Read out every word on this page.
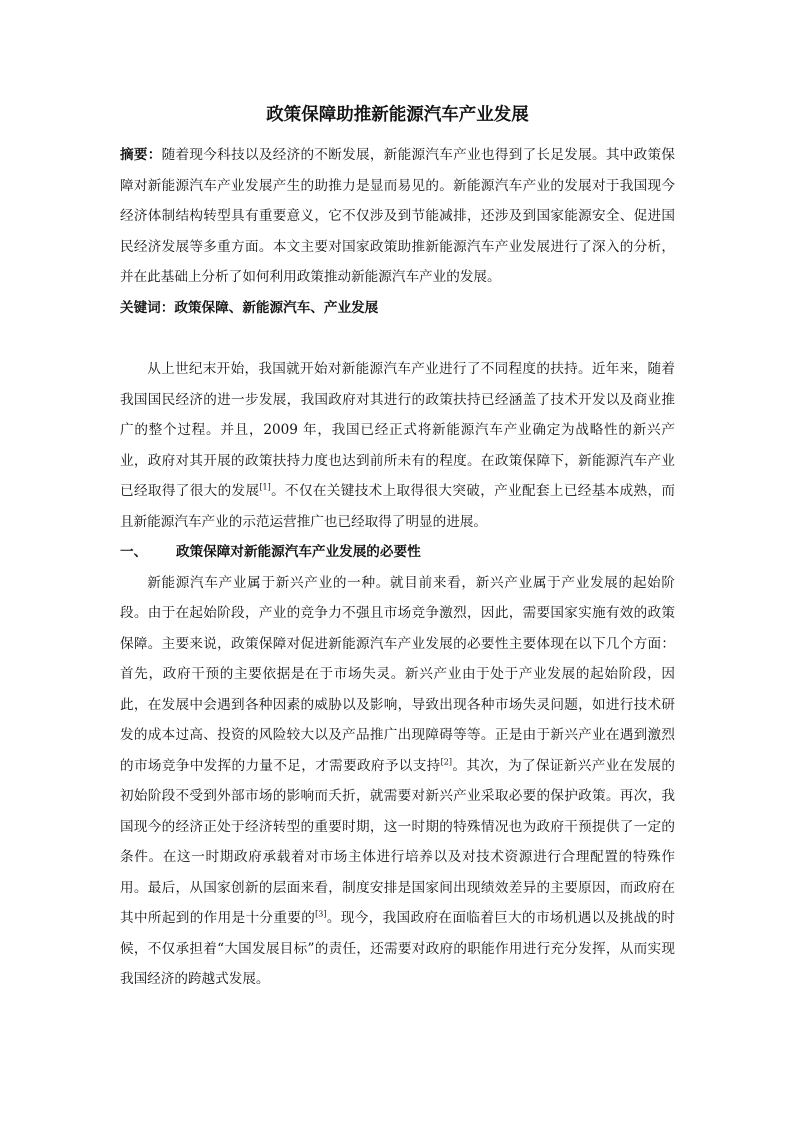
政策保障助推新能源汽车产业发展

摘要：随着现今科技以及经济的不断发展，新能源汽车产业也得到了长足发展。其中政策保障对新能源汽车产业发展产生的助推力是显而易见的。新能源汽车产业的发展对于我国现今经济体制结构转型具有重要意义，它不仅涉及到节能减排，还涉及到国家能源安全、促进国民经济发展等多重方面。本文主要对国家政策助推新能源汽车产业发展进行了深入的分析，并在此基础上分析了如何利用政策推动新能源汽车产业的发展。

关键词：政策保障、新能源汽车、产业发展

从上世纪末开始，我国就开始对新能源汽车产业进行了不同程度的扶持。近年来，随着我国国民经济的进一步发展，我国政府对其进行的政策扶持已经涵盖了技术开发以及商业推广的整个过程。并且，2009 年，我国已经正式将新能源汽车产业确定为战略性的新兴产业，政府对其开展的政策扶持力度也达到前所未有的程度。在政策保障下，新能源汽车产业已经取得了很大的发展[1]。不仅在关键技术上取得很大突破，产业配套上已经基本成熟，而且新能源汽车产业的示范运营推广也已经取得了明显的进展。

一、 政策保障对新能源汽车产业发展的必要性

新能源汽车产业属于新兴产业的一种。就目前来看，新兴产业属于产业发展的起始阶段。由于在起始阶段，产业的竞争力不强且市场竞争激烈，因此，需要国家实施有效的政策保障。主要来说，政策保障对促进新能源汽车产业发展的必要性主要体现在以下几个方面：首先，政府干预的主要依据是在于市场失灵。新兴产业由于处于产业发展的起始阶段，因此，在发展中会遇到各种因素的威胁以及影响，导致出现各种市场失灵问题，如进行技术研发的成本过高、投资的风险较大以及产品推广出现障碍等等。正是由于新兴产业在遇到激烈的市场竞争中发挥的力量不足，才需要政府予以支持[2]。其次，为了保证新兴产业在发展的初始阶段不受到外部市场的影响而夭折，就需要对新兴产业采取必要的保护政策。再次，我国现今的经济正处于经济转型的重要时期，这一时期的特殊情况也为政府干预提供了一定的条件。在这一时期政府承载着对市场主体进行培养以及对技术资源进行合理配置的特殊作用。最后，从国家创新的层面来看，制度安排是国家间出现绩效差异的主要原因，而政府在其中所起到的作用是十分重要的[3]。现今，我国政府在面临着巨大的市场机遇以及挑战的时候，不仅承担着“大国发展目标”的责任，还需要对政府的职能作用进行充分发挥，从而实现我国经济的跨越式发展。
